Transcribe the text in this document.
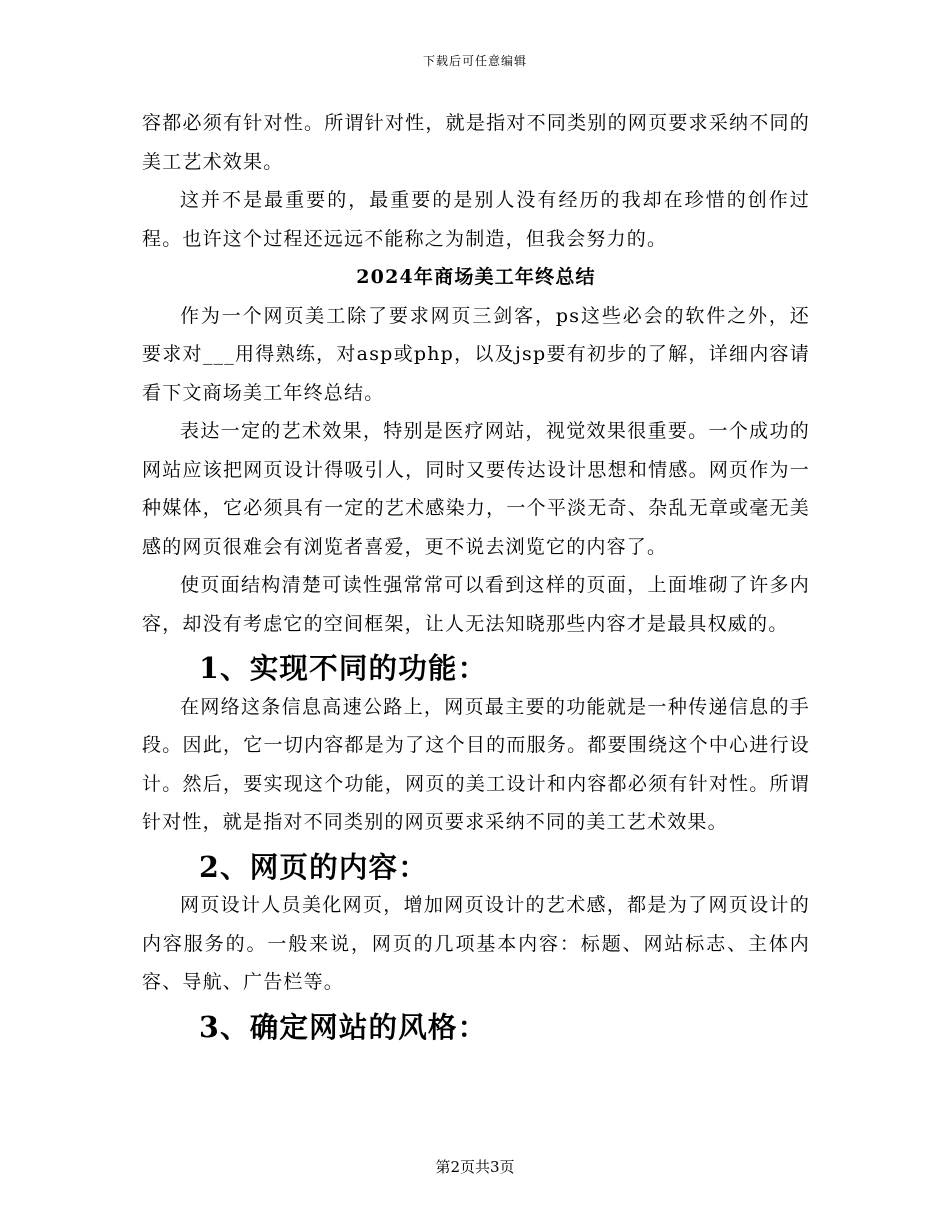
下载后可任意编辑

容都必须有针对性。所谓针对性，就是指对不同类别的网页要求采纳不同的美工艺术效果。

这并不是最重要的，最重要的是别人没有经历的我却在珍惜的创作过程。也许这个过程还远远不能称之为制造，但我会努力的。

2024年商场美工年终总结

作为一个网页美工除了要求网页三剑客，ps这些必会的软件之外，还要求对___用得熟练，对asp或php，以及jsp要有初步的了解，详细内容请看下文商场美工年终总结。

表达一定的艺术效果，特别是医疗网站，视觉效果很重要。一个成功的网站应该把网页设计得吸引人，同时又要传达设计思想和情感。网页作为一种媒体，它必须具有一定的艺术感染力，一个平淡无奇、杂乱无章或毫无美感的网页很难会有浏览者喜爱，更不说去浏览它的内容了。

使页面结构清楚可读性强常常可以看到这样的页面，上面堆砌了许多内容，却没有考虑它的空间框架，让人无法知晓那些内容才是最具权威的。

1、实现不同的功能：

在网络这条信息高速公路上，网页最主要的功能就是一种传递信息的手段。因此，它一切内容都是为了这个目的而服务。都要围绕这个中心进行设计。然后，要实现这个功能，网页的美工设计和内容都必须有针对性。所谓针对性，就是指对不同类别的网页要求采纳不同的美工艺术效果。

2、网页的内容：

网页设计人员美化网页，增加网页设计的艺术感，都是为了网页设计的内容服务的。一般来说，网页的几项基本内容：标题、网站标志、主体内容、导航、广告栏等。

3、确定网站的风格：
第2页共3页
